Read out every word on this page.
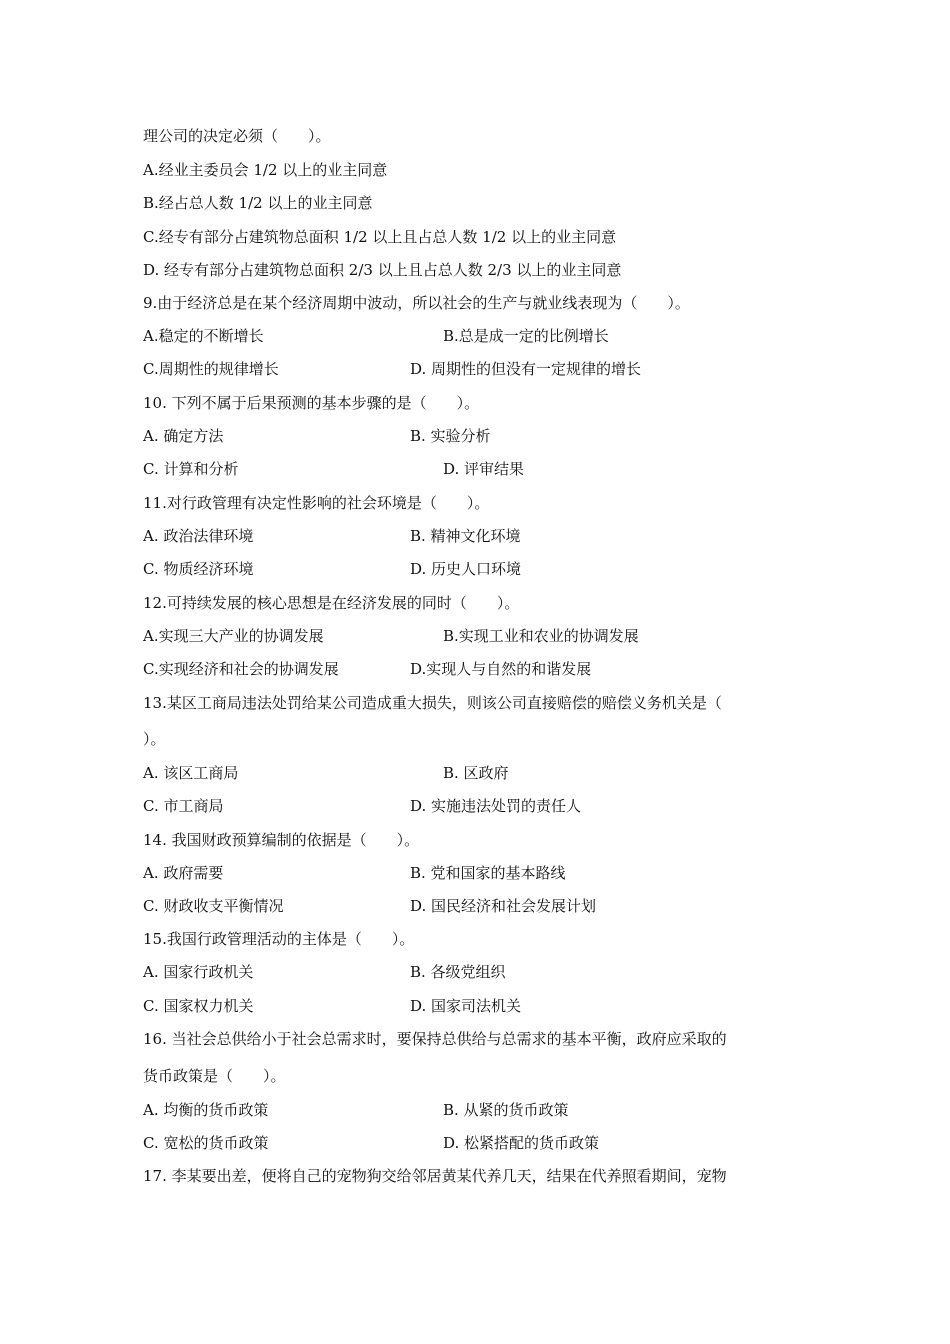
理公司的决定必须（　　）。
A.经业主委员会 1/2 以上的业主同意
B.经占总人数 1/2 以上的业主同意
C.经专有部分占建筑物总面积 1/2 以上且占总人数 1/2 以上的业主同意
D. 经专有部分占建筑物总面积 2/3 以上且占总人数 2/3 以上的业主同意
9.由于经济总是在某个经济周期中波动，所以社会的生产与就业线表现为（　　）。
A.稳定的不断增长	B.总是成一定的比例增长
C.周期性的规律增长	D. 周期性的但没有一定规律的增长
10. 下列不属于后果预测的基本步骤的是（　　）。
A. 确定方法	B. 实验分析
C. 计算和分析	D. 评审结果
11.对行政管理有决定性影响的社会环境是（　　）。
A. 政治法律环境	B. 精神文化环境
C. 物质经济环境	D. 历史人口环境
12.可持续发展的核心思想是在经济发展的同时（　　）。
A.实现三大产业的协调发展	B.实现工业和农业的协调发展
C.实现经济和社会的协调发展	D.实现人与自然的和谐发展
13.某区工商局违法处罚给某公司造成重大损失，则该公司直接赔偿的赔偿义务机关是（
）。
A. 该区工商局	B. 区政府
C. 市工商局	D. 实施违法处罚的责任人
14. 我国财政预算编制的依据是（　　）。
A. 政府需要	B. 党和国家的基本路线
C. 财政收支平衡情况	D. 国民经济和社会发展计划
15.我国行政管理活动的主体是（　　）。
A. 国家行政机关	B. 各级党组织
C. 国家权力机关	D. 国家司法机关
16. 当社会总供给小于社会总需求时，要保持总供给与总需求的基本平衡，政府应采取的
货币政策是（　　）。
A. 均衡的货币政策	B. 从紧的货币政策
C. 宽松的货币政策	D. 松紧搭配的货币政策
17. 李某要出差，便将自己的宠物狗交给邻居黄某代养几天，结果在代养照看期间，宠物
